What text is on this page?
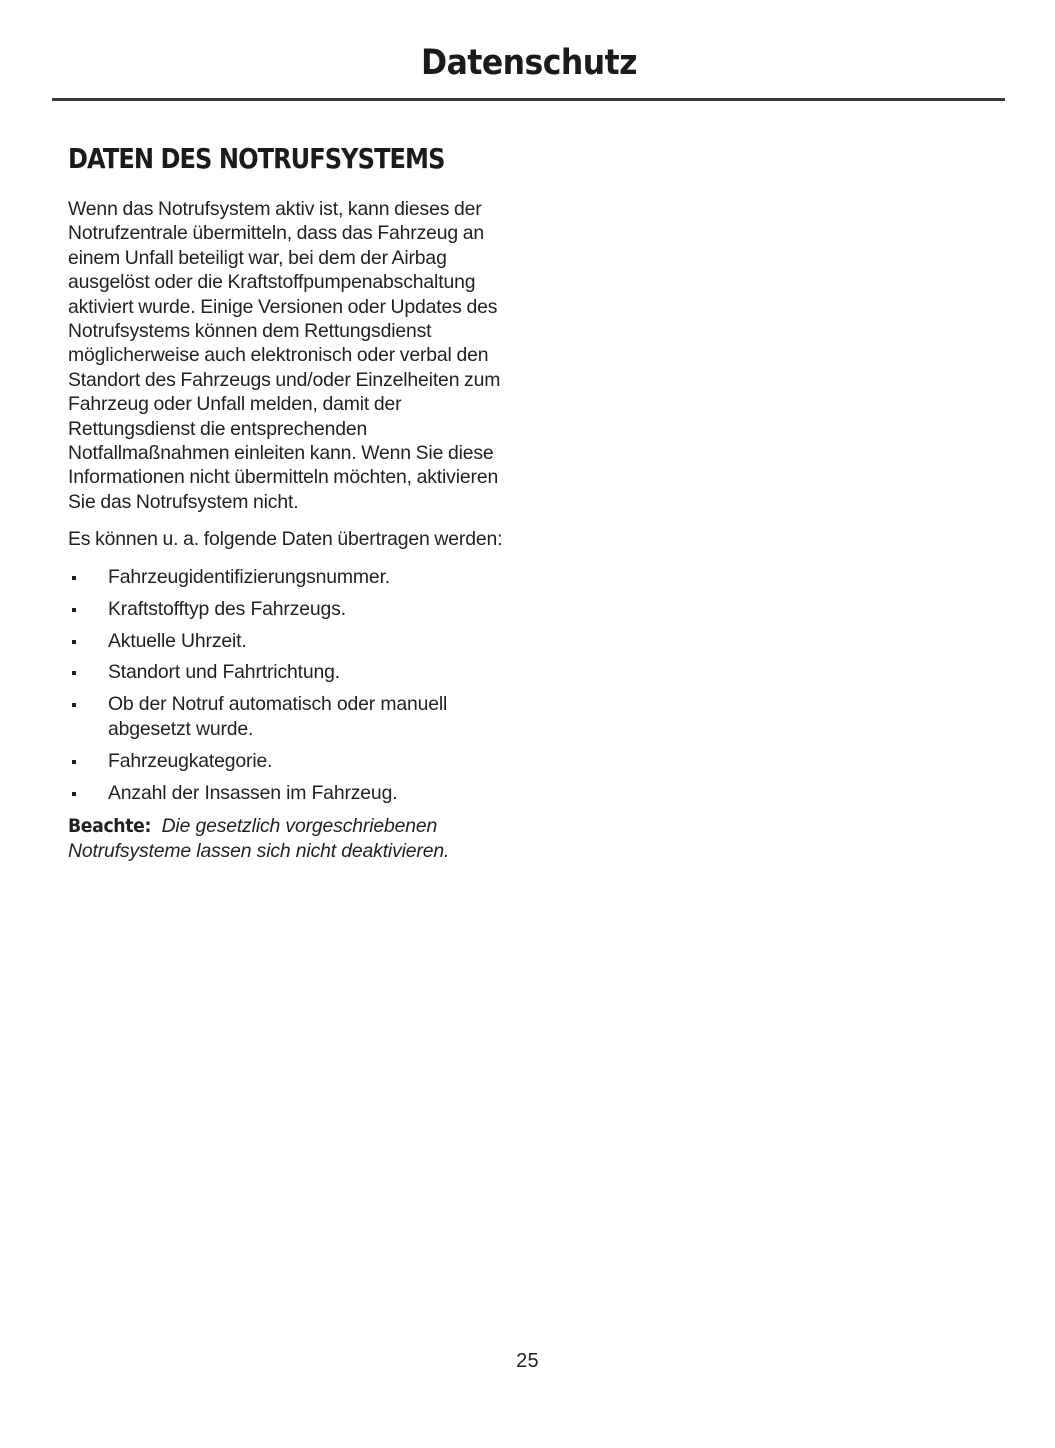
Datenschutz
DATEN DES NOTRUFSYSTEMS

Wenn das Notrufsystem aktiv ist, kann dieses der Notrufzentrale übermitteln, dass das Fahrzeug an einem Unfall beteiligt war, bei dem der Airbag ausgelöst oder die Kraftstoffpumpenabschaltung aktiviert wurde. Einige Versionen oder Updates des Notrufsystems können dem Rettungsdienst möglicherweise auch elektronisch oder verbal den Standort des Fahrzeugs und/oder Einzelheiten zum Fahrzeug oder Unfall melden, damit der Rettungsdienst die entsprechenden Notfallmaßnahmen einleiten kann. Wenn Sie diese Informationen nicht übermitteln möchten, aktivieren Sie das Notrufsystem nicht.

Es können u. a. folgende Daten übertragen werden:

Fahrzeugidentifizierungsnummer.
Kraftstofftyp des Fahrzeugs.
Aktuelle Uhrzeit.
Standort und Fahrtrichtung.
Ob der Notruf automatisch oder manuell abgesetzt wurde.
Fahrzeugkategorie.
Anzahl der Insassen im Fahrzeug.

Beachte: Die gesetzlich vorgeschriebenen Notrufsysteme lassen sich nicht deaktivieren.

25
